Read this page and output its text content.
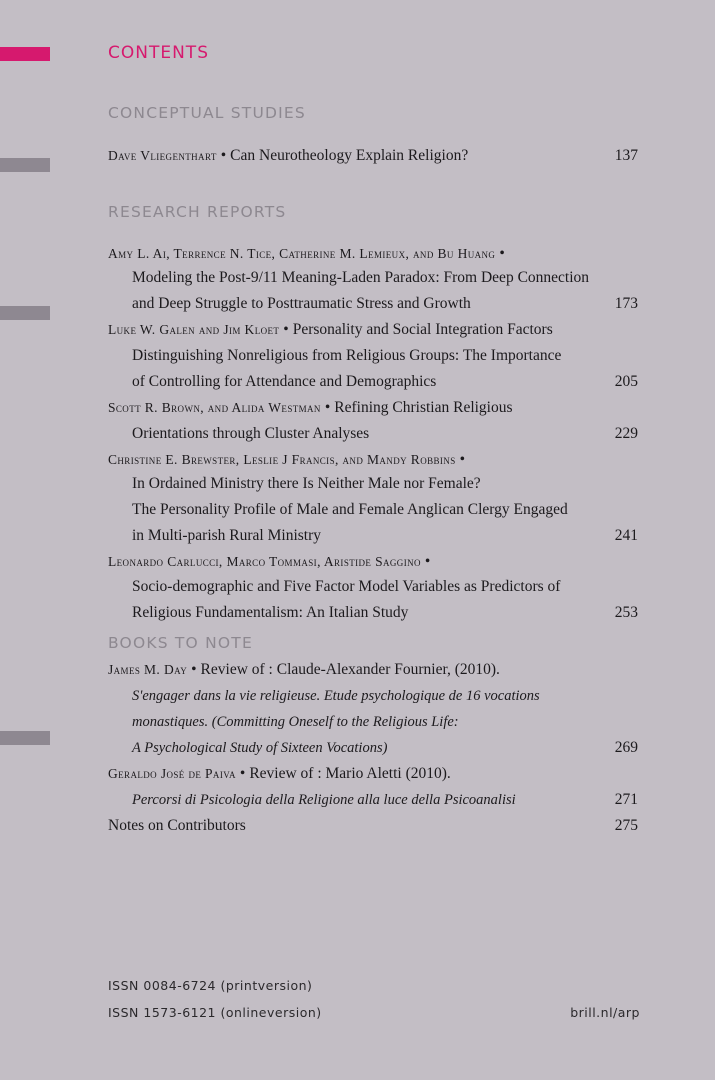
CONTENTS
CONCEPTUAL STUDIES
Dave Vliegenthart • Can Neurotheology Explain Religion?	137
RESEARCH REPORTS
Amy L. Ai, Terrence N. Tice, Catherine M. Lemieux, and Bu Huang •
Modeling the Post-9/11 Meaning-Laden Paradox: From Deep Connection
and Deep Struggle to Posttraumatic Stress and Growth	173
Luke W. Galen and Jim Kloet • Personality and Social Integration Factors
Distinguishing Nonreligious from Religious Groups: The Importance
of Controlling for Attendance and Demographics	205
Scott R. Brown, and Alida Westman • Refining Christian Religious
Orientations through Cluster Analyses	229
Christine E. Brewster, Leslie J Francis, and Mandy Robbins •
In Ordained Ministry there Is Neither Male nor Female?
The Personality Profile of Male and Female Anglican Clergy Engaged
in Multi-parish Rural Ministry	241
Leonardo Carlucci, Marco Tommasi, Aristide Saggino •
Socio-demographic and Five Factor Model Variables as Predictors of
Religious Fundamentalism: An Italian Study	253
BOOKS TO NOTE
James M. Day • Review of : Claude-Alexander Fournier, (2010).
S'engager dans la vie religieuse. Etude psychologique de 16 vocations
monastiques. (Committing Oneself to the Religious Life:
A Psychological Study of Sixteen Vocations)	269
Geraldo José de Paiva • Review of : Mario Aletti (2010).
Percorsi di Psicologia della Religione alla luce della Psicoanalisi	271
Notes on Contributors	275
ISSN 0084-6724 (printversion)
ISSN 1573-6121 (onlineversion)	brill.nl/arp
